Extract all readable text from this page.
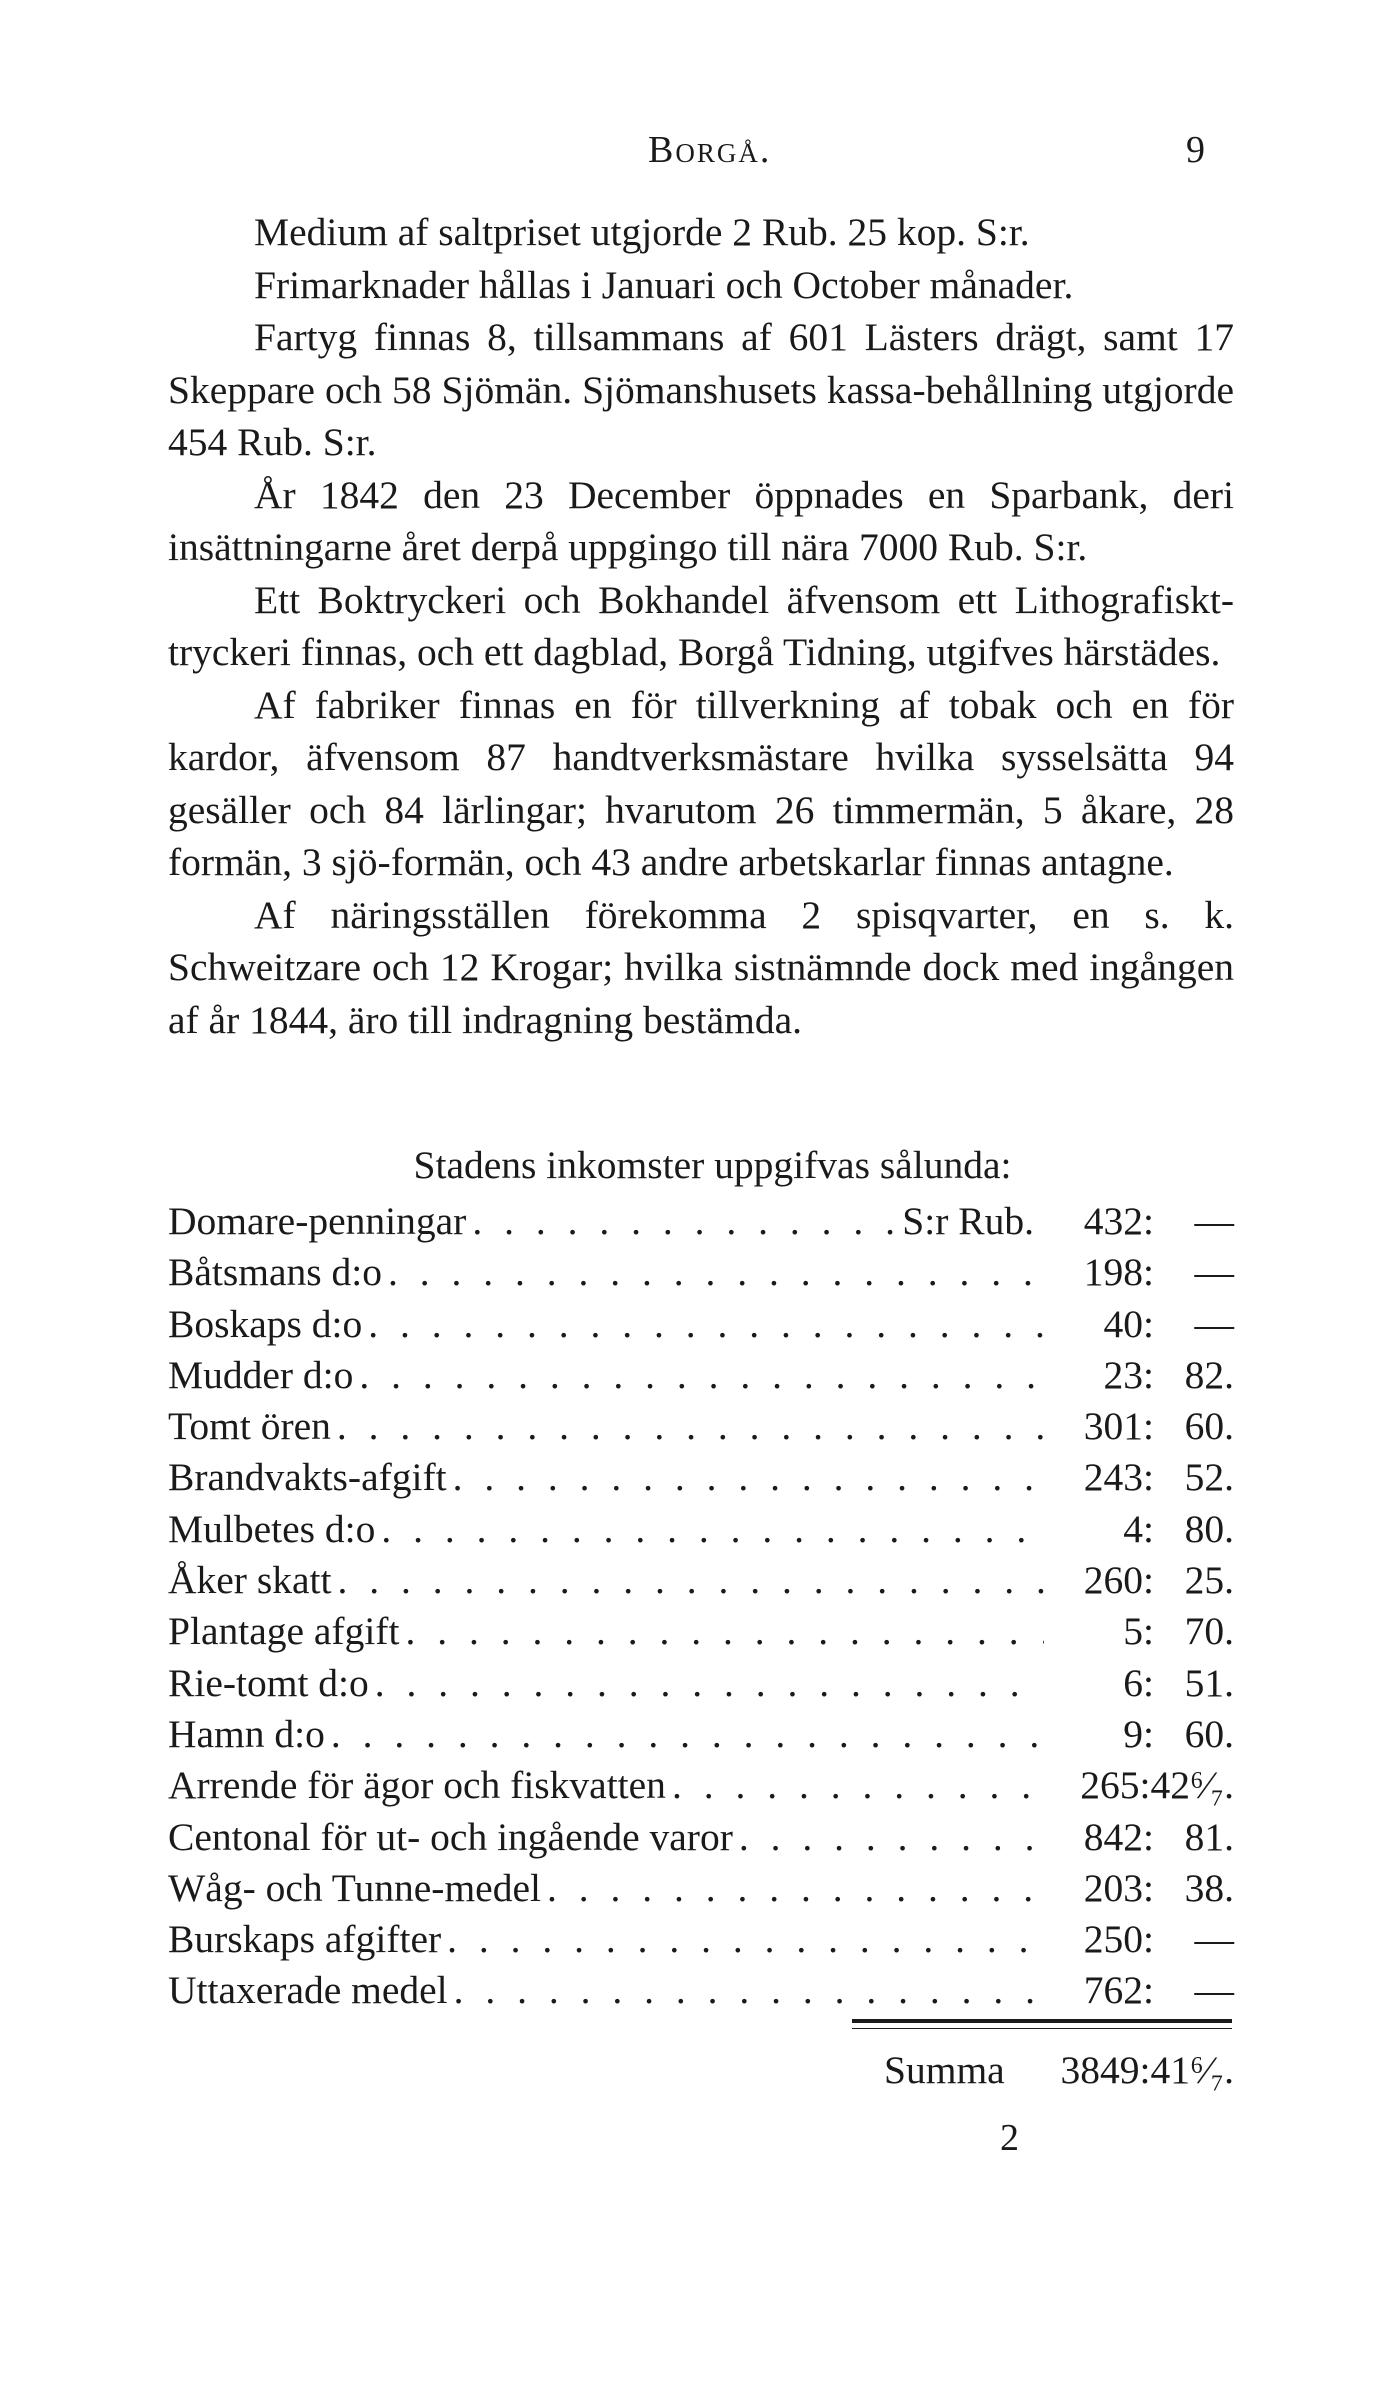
Borgå.	9

Medium af saltpriset utgjorde 2 Rub. 25 kop. S:r.

Frimarknader hållas i Januari och October månader.

Fartyg finnas 8, tillsammans af 601 Lästers drägt, samt 17 Skeppare och 58 Sjömän. Sjömanshusets kassa-behållning utgjorde 454 Rub. S:r.

År 1842 den 23 December öppnades en Sparbank, deri insättningarne året derpå uppgingo till nära 7000 Rub. S:r.

Ett Boktryckeri och Bokhandel äfvensom ett Lithografiskt-tryckeri finnas, och ett dagblad, Borgå Tidning, utgifves härstädes.

Af fabriker finnas en för tillverkning af tobak och en för kardor, äfvensom 87 handtverksmästare hvilka sysselsätta 94 gesäller och 84 lärlingar; hvarutom 26 timmermän, 5 åkare, 28 formän, 3 sjö-formän, och 43 andre arbetskarlar finnas antagne.

Af näringsställen förekomma 2 spisqvarter, en s. k. Schweitzare och 12 Krogar; hvilka sistnämnde dock med ingången af år 1844, äro till indragning bestämda.

Stadens inkomster uppgifvas sålunda:
Domare-penningar . . .	S:r Rub.	432:	—
Båtsmans d:o . . .	198:	—
Boskaps d:o . . .	40:	—
Mudder d:o . . .	23: 82.
Tomt ören . . .	301: 60.
Brandvakts-afgift . . .	243: 52.
Mulbetes d:o . . .	4: 80.
Åker skatt . . .	260: 25.
Plantage afgift . . .	5: 70.
Rie-tomt d:o . . .	6: 51.
Hamn d:o . . .	9: 60.
Arrende för ägor och fiskvatten . . .	265: 42⁶⁄₇.
Centonal för ut- och ingående varor . . .	842: 81.
Wåg- och Tunne-medel . . .	203: 38.
Burskaps afgifter . . .	250:	—
Uttaxerade medel . . .	762:	—
Summa	3849: 41⁶⁄₇.
2
